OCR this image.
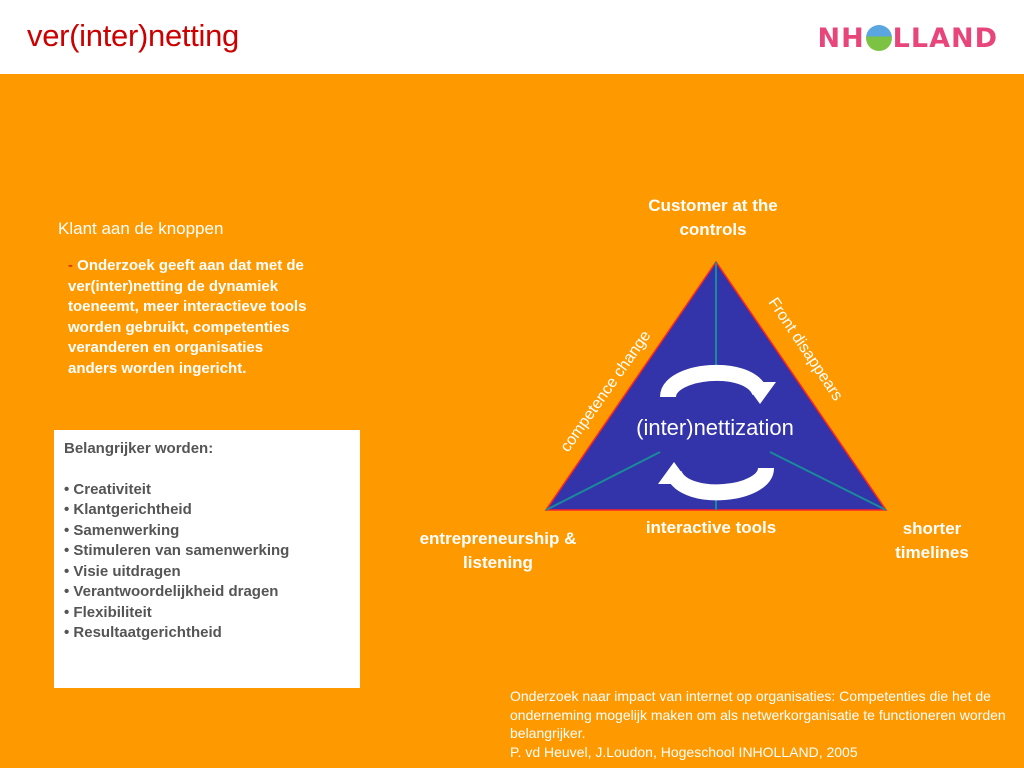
ver(inter)netting	NH LLAND
Klant aan de knoppen
- Onderzoek geeft aan dat met de ver(inter)netting de dynamiek toeneemt, meer interactieve tools worden gebruikt, competenties veranderen en organisaties anders worden ingericht.
Belangrijker worden:
• Creativiteit
• Klantgerichtheid
• Samenwerking
• Stimuleren van samenwerking
• Visie uitdragen
• Verantwoordelijkheid dragen
• Flexibiliteit
• Resultaatgerichtheid
competence change
Front disappears
(inter)nettization
Customer at the controls
entrepreneurship & listening
interactive tools	shorter timelines
Onderzoek naar impact van internet op organisaties: Competenties die het de onderneming mogelijk maken om als netwerkorganisatie te functioneren worden belangrijker.
P. vd Heuvel, J.Loudon, Hogeschool INHOLLAND, 2005
